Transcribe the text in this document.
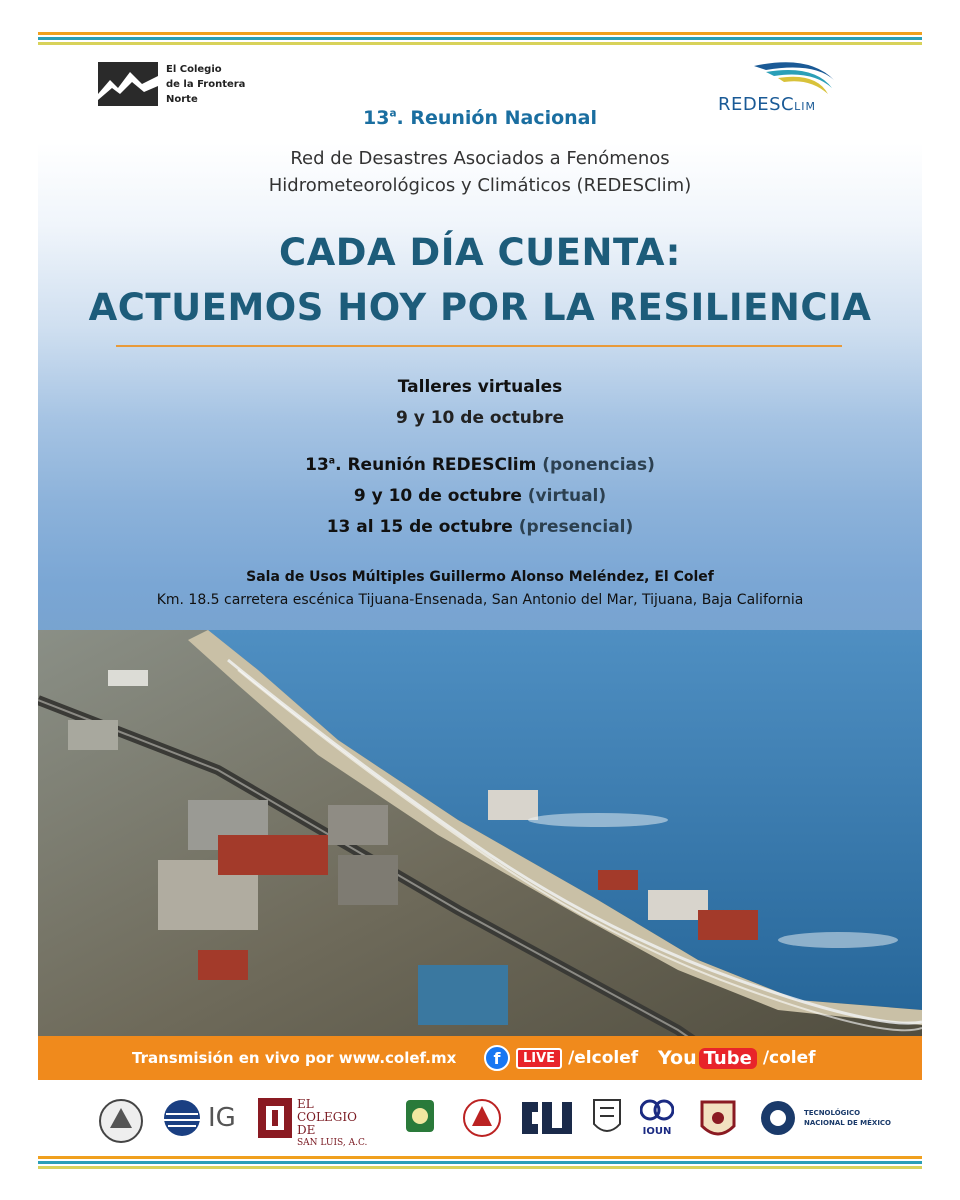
El Colegio
de la Frontera
Norte	REDESCLIM
13$^a$. Reunión Nacional
Red de Desastres Asociados a Fenómenos
Hidrometeorológicos y Climáticos (REDESClim)
CADA DÍA CUENTA:
ACTUEMOS HOY POR LA RESILIENCIA
Talleres virtuales
9 y 10 de octubre
13$^a$. Reunión REDESClim (ponencias)
9 y 10 de octubre (virtual)
13 al 15 de octubre (presencial)
Sala de Usos Múltiples Guillermo Alonso Meléndez, El Colef
Km. 18.5 carretera escénica Tijuana-Ensenada, San Antonio del Mar, Tijuana, Baja California
Transmisión en vivo por www.colef.mx	f	LIVE /elcolef You Tube /colef
IG	EL
COLEGIO
DE
SAN LUIS, A.C.
IOUN
TECNOLÓGICO
NACIONAL DE MÉXICO
